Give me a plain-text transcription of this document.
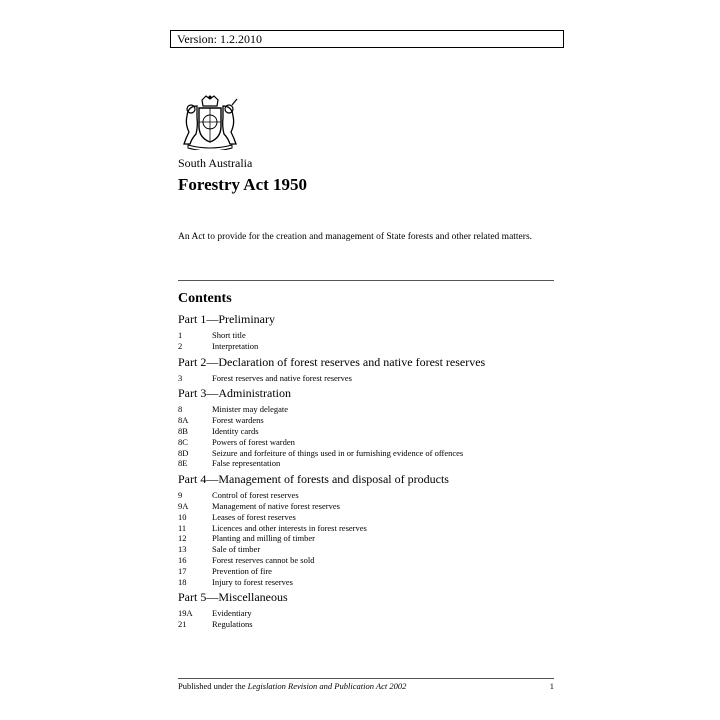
Version: 1.2.2010
South Australia
Forestry Act 1950
An Act to provide for the creation and management of State forests and other related matters.
Contents
Part 1—Preliminary
1	Short title
2	Interpretation
Part 2—Declaration of forest reserves and native forest reserves
3	Forest reserves and native forest reserves
Part 3—Administration
8	Minister may delegate
8A	Forest wardens
8B	Identity cards
8C	Powers of forest warden
8D	Seizure and forfeiture of things used in or furnishing evidence of offences
8E	False representation
Part 4—Management of forests and disposal of products
9	Control of forest reserves
9A	Management of native forest reserves
10	Leases of forest reserves
11	Licences and other interests in forest reserves
12	Planting and milling of timber
13	Sale of timber
16	Forest reserves cannot be sold
17	Prevention of fire
18	Injury to forest reserves
Part 5—Miscellaneous
19A Evidentiary
21	Regulations
Published under the Legislation Revision and Publication Act 2002	1
